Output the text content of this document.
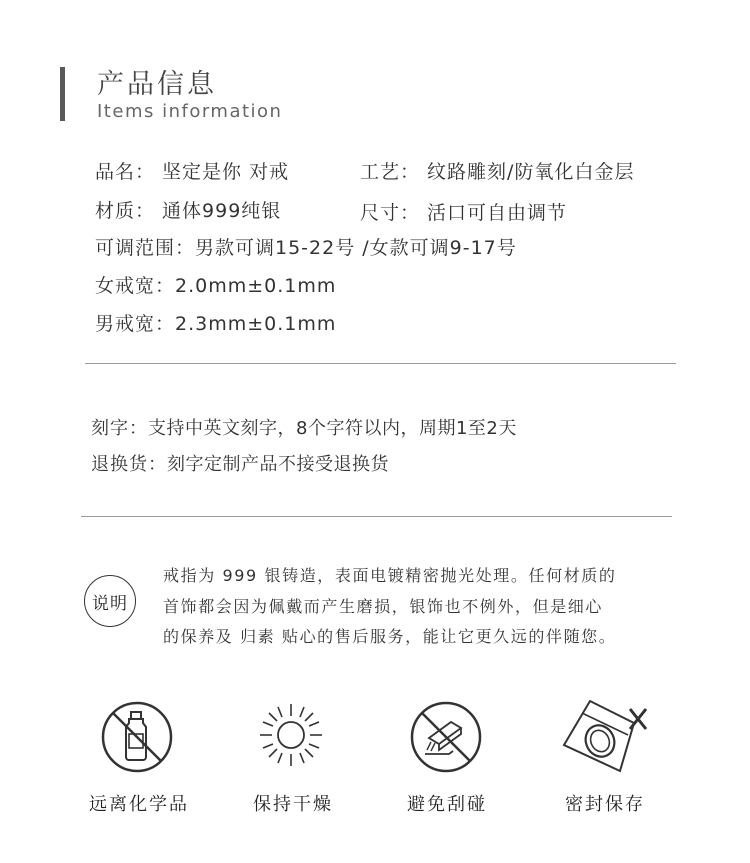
产品信息
Items information
品名： 坚定是你 对戒	工艺： 纹路雕刻/防氧化白金层
材质： 通体999纯银	尺寸： 活口可自由调节
可调范围：男款可调15-22号 /女款可调9-17号
女戒宽：2.0mm±0.1mm
男戒宽：2.3mm±0.1mm
刻字：支持中英文刻字，8个字符以内，周期1至2天
退换货：刻字定制产品不接受退换货
说明
戒指为 999 银铸造，表面电镀精密抛光处理。任何材质的
首饰都会因为佩戴而产生磨损，银饰也不例外，但是细心
的保养及 归素 贴心的售后服务，能让它更久远的伴随您。
远离化学品	保持干燥	避免刮碰	密封保存
